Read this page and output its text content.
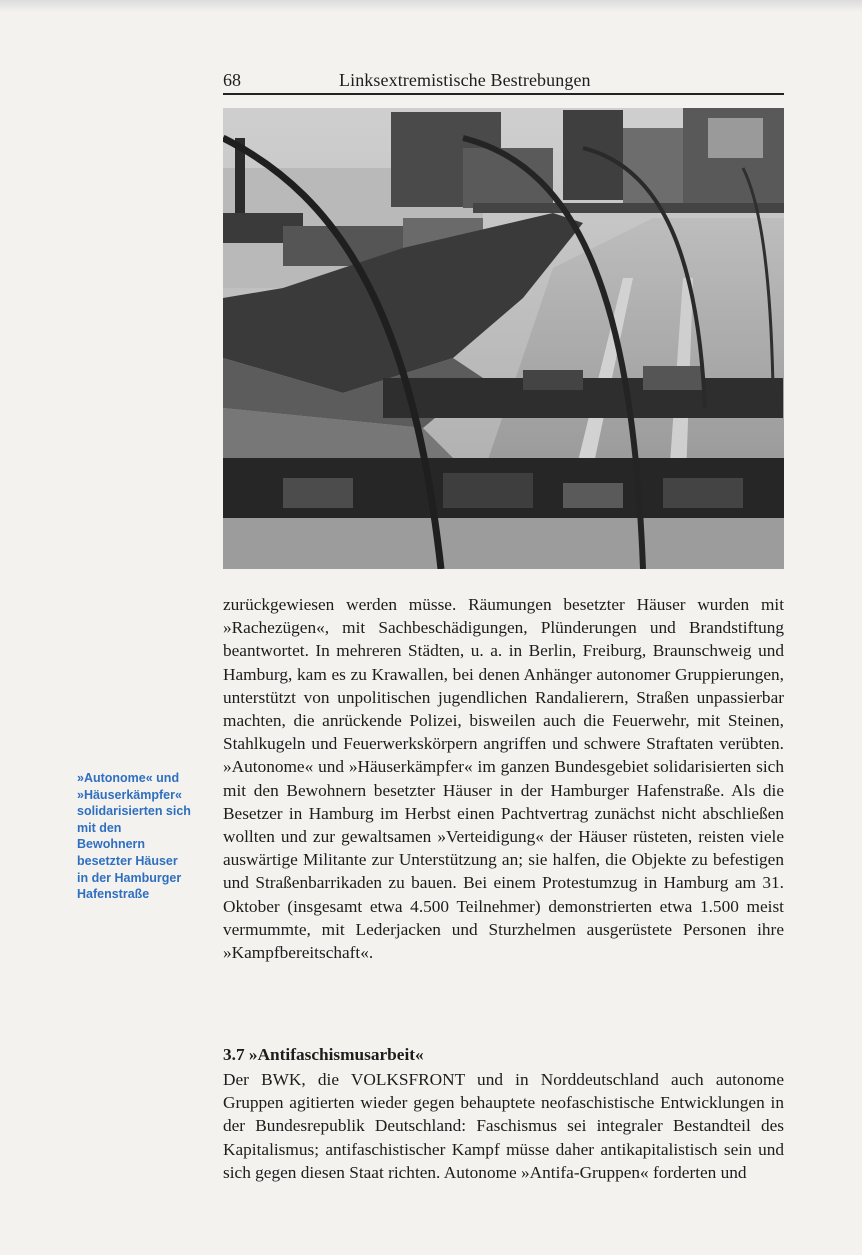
68	Linksextremistische Bestrebungen

zurückgewiesen werden müsse. Räumungen besetzter Häuser wurden mit »Rachezügen«, mit Sachbeschädigungen, Plünderungen und Brandstiftung beantwortet. In mehreren Städten, u. a. in Berlin, Freiburg, Braunschweig und Hamburg, kam es zu Krawallen, bei denen Anhänger autonomer Gruppierungen, unterstützt von unpolitischen jugendlichen Randalierern, Straßen unpassierbar machten, die anrückende Polizei, bisweilen auch die Feuerwehr, mit Steinen, Stahlkugeln und Feuerwerkskörpern angriffen und schwere Straftaten verübten. »Autonome« und »Häuserkämpfer« im ganzen Bundesgebiet solidarisierten sich mit den Bewohnern besetzter Häuser in der Hamburger Hafenstraße. Als die Besetzer in Hamburg im Herbst einen Pachtvertrag zunächst nicht abschließen wollten und zur gewaltsamen »Verteidigung« der Häuser rüsteten, reisten viele auswärtige Militante zur Unterstützung an; sie halfen, die Objekte zu befestigen und Straßenbarrikaden zu bauen. Bei einem Protestumzug in Hamburg am 31. Oktober (insgesamt etwa 4.500 Teilnehmer) demonstrierten etwa 1.500 meist vermummte, mit Lederjacken und Sturzhelmen ausgerüstete Personen ihre »Kampfbereitschaft«.

»Autonome« und »Häuserkämpfer« solidarisierten sich mit den Bewohnern besetzter Häuser in der Hamburger Hafenstraße

3.7 »Antifaschismusarbeit«

Der BWK, die VOLKSFRONT und in Norddeutschland auch autonome Gruppen agitierten wieder gegen behauptete neofaschistische Entwicklungen in der Bundesrepublik Deutschland: Faschismus sei integraler Bestandteil des Kapitalismus; antifaschistischer Kampf müsse daher antikapitalistisch sein und sich gegen diesen Staat richten. Autonome »Antifa-Gruppen« forderten und
